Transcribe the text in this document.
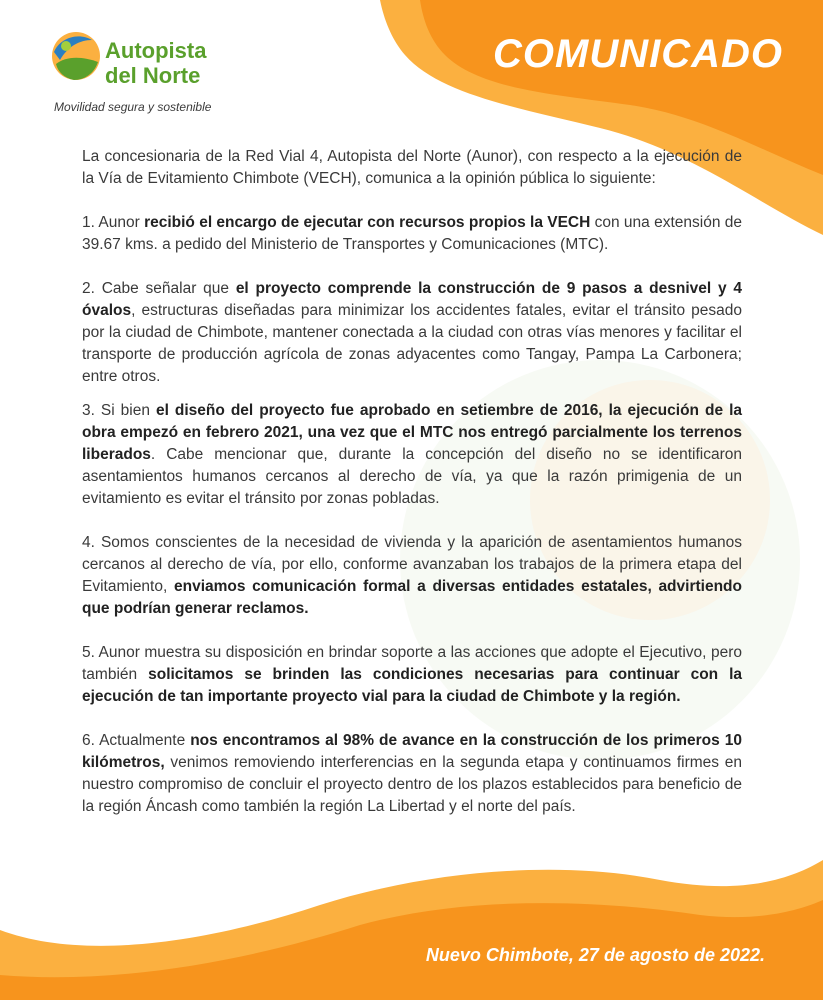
Autopista
del Norte
Movilidad segura y sostenible
COMUNICADO

La concesionaria de la Red Vial 4, Autopista del Norte (Aunor), con respecto a la ejecución de la Vía de Evitamiento Chimbote (VECH), comunica a la opinión pública lo siguiente:

1. Aunor recibió el encargo de ejecutar con recursos propios la VECH con una extensión de 39.67 kms. a pedido del Ministerio de Transportes y Comunicaciones (MTC).

2. Cabe señalar que el proyecto comprende la construcción de 9 pasos a desnivel y 4 óvalos, estructuras diseñadas para minimizar los accidentes fatales, evitar el tránsito pesado por la ciudad de Chimbote, mantener conectada a la ciudad con otras vías menores y facilitar el transporte de producción agrícola de zonas adyacentes como Tangay, Pampa La Carbonera; entre otros.

3. Si bien el diseño del proyecto fue aprobado en setiembre de 2016, la ejecución de la obra empezó en febrero 2021, una vez que el MTC nos entregó parcialmente los terrenos liberados. Cabe mencionar que, durante la concepción del diseño no se identificaron asentamientos humanos cercanos al derecho de vía, ya que la razón primigenia de un evitamiento es evitar el tránsito por zonas pobladas.

4. Somos conscientes de la necesidad de vivienda y la aparición de asentamientos humanos cercanos al derecho de vía, por ello, conforme avanzaban los trabajos de la primera etapa del Evitamiento, enviamos comunicación formal a diversas entidades estatales, advirtiendo que podrían generar reclamos.

5. Aunor muestra su disposición en brindar soporte a las acciones que adopte el Ejecutivo, pero también solicitamos se brinden las condiciones necesarias para continuar con la ejecución de tan importante proyecto vial para la ciudad de Chimbote y la región.

6. Actualmente nos encontramos al 98% de avance en la construcción de los primeros 10 kilómetros, venimos removiendo interferencias en la segunda etapa y continuamos firmes en nuestro compromiso de concluir el proyecto dentro de los plazos establecidos para beneficio de la región Áncash como también la región La Libertad y el norte del país.

Nuevo Chimbote, 27 de agosto de 2022.
